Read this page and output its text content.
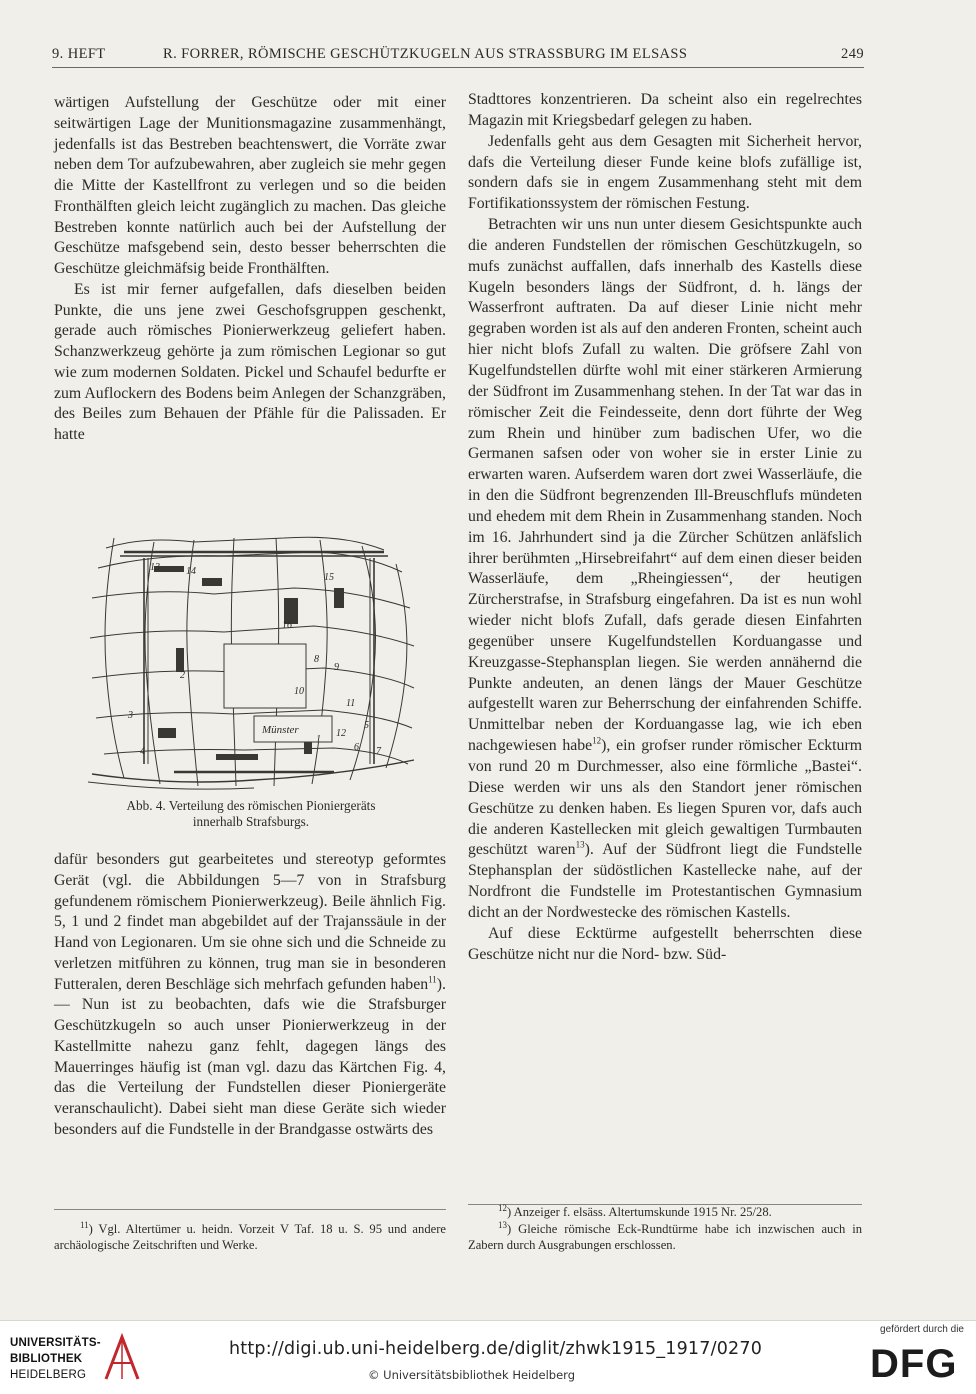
9. HEFT	R. FORRER, RÖMISCHE GESCHÜTZKUGELN AUS STRASSBURG IM ELSASS	249

wärtigen Aufstellung der Geschütze oder mit einer seitwärtigen Lage der Munitionsmagazine zusammenhängt, jedenfalls ist das Bestreben beachtenswert, die Vorräte zwar neben dem Tor aufzubewahren, aber zugleich sie mehr gegen die Mitte der Kastellfront zu verlegen und so die beiden Fronthälften gleich leicht zugänglich zu machen. Das gleiche Bestreben konnte natürlich auch bei der Aufstellung der Geschütze mafsgebend sein, desto besser beherrschten die Geschütze gleichmäfsig beide Fronthälften.

Es ist mir ferner aufgefallen, dafs dieselben beiden Punkte, die uns jene zwei Geschofsgruppen geschenkt, gerade auch römisches Pionierwerkzeug geliefert haben. Schanzwerkzeug gehörte ja zum römischen Legionar so gut wie zum modernen Soldaten. Pickel und Schaufel bedurfte er zum Auflockern des Bodens beim Anlegen der Schanzgräben, des Beiles zum Behauen der Pfähle für die Palissaden. Er hatte

13	14
15
16
8
9
10
11
1
2
3
4
5
6 7
12
Münster
Abb. 4. Verteilung des römischen Pioniergeräts
innerhalb Strafsburgs.

dafür besonders gut gearbeitetes und stereotyp geformtes Gerät (vgl. die Abbildungen 5—7 von in Strafsburg gefundenem römischem Pionierwerkzeug). Beile ähnlich Fig. 5, 1 und 2 findet man abgebildet auf der Trajanssäule in der Hand von Legionaren. Um sie ohne sich und die Schneide zu verletzen mitführen zu können, trug man sie in besonderen Futteralen, deren Beschläge sich mehrfach gefunden haben$^{11}$). — Nun ist zu beobachten, dafs wie die Strafsburger Geschützkugeln so auch unser Pionierwerkzeug in der Kastellmitte nahezu ganz fehlt, dagegen längs des Mauerringes häufig ist (man vgl. dazu das Kärtchen Fig. 4, das die Verteilung der Fundstellen dieser Pioniergeräte veranschaulicht). Dabei sieht man diese Geräte sich wieder besonders auf die Fundstelle in der Brandgasse ostwärts des

$^{11}$) Vgl. Altertümer u. heidn. Vorzeit V Taf. 18 u. S. 95 und andere archäologische Zeitschriften und Werke.

Stadttores konzentrieren. Da scheint also ein regelrechtes Magazin mit Kriegsbedarf gelegen zu haben.

Jedenfalls geht aus dem Gesagten mit Sicherheit hervor, dafs die Verteilung dieser Funde keine blofs zufällige ist, sondern dafs sie in engem Zusammenhang steht mit dem Fortifikationssystem der römischen Festung.

Betrachten wir uns nun unter diesem Gesichtspunkte auch die anderen Fundstellen der römischen Geschützkugeln, so mufs zunächst auffallen, dafs innerhalb des Kastells diese Kugeln besonders längs der Südfront, d. h. längs der Wasserfront auftraten. Da auf dieser Linie nicht mehr gegraben worden ist als auf den anderen Fronten, scheint auch hier nicht blofs Zufall zu walten. Die gröfsere Zahl von Kugelfundstellen dürfte wohl mit einer stärkeren Armierung der Südfront im Zusammenhang stehen. In der Tat war das in römischer Zeit die Feindesseite, denn dort führte der Weg zum Rhein und hinüber zum badischen Ufer, wo die Germanen safsen oder von woher sie in erster Linie zu erwarten waren. Aufserdem waren dort zwei Wasserläufe, die in den die Südfront begrenzenden Ill-Breuschflufs mündeten und ehedem mit dem Rhein in Zusammenhang standen. Noch im 16. Jahrhundert sind ja die Zürcher Schützen anläfslich ihrer berühmten „Hirsebreifahrt“ auf dem einen dieser beiden Wasserläufe, dem „Rheingiessen“, der heutigen Zürcherstrafse, in Strafsburg eingefahren. Da ist es nun wohl wieder nicht blofs Zufall, dafs gerade diesen Einfahrten gegenüber unsere Kugelfundstellen Korduangasse und Kreuzgasse-Stephansplan liegen. Sie werden annähernd die Punkte andeuten, an denen längs der Mauer Geschütze aufgestellt waren zur Beherrschung der einfahrenden Schiffe. Unmittelbar neben der Korduangasse lag, wie ich eben nachgewiesen habe$^{12}$), ein grofser runder römischer Eckturm von rund 20 m Durchmesser, also eine förmliche „Bastei“. Diese werden wir uns als den Standort jener römischen Geschütze zu denken haben. Es liegen Spuren vor, dafs auch die anderen Kastellecken mit gleich gewaltigen Turmbauten geschützt waren$^{13}$). Auf der Südfront liegt die Fundstelle Stephansplan der südöstlichen Kastellecke nahe, auf der Nordfront die Fundstelle im Protestantischen Gymnasium dicht an der Nordwestecke des römischen Kastells.

Auf diese Ecktürme aufgestellt beherrschten diese Geschütze nicht nur die Nord- bzw. Süd-

$^{12}$) Anzeiger f. elsäss. Altertumskunde 1915 Nr. 25/28.
$^{13}$) Gleiche römische Eck-Rundtürme habe ich inzwischen auch in Zabern durch Ausgrabungen erschlossen.
UNIVERSITÄTS-
BIBLIOTHEK
HEIDELBERG
http://digi.ub.uni-heidelberg.de/diglit/zhwk1915_1917/0270
© Universitätsbibliothek Heidelberg
gefördert durch die
DFG
